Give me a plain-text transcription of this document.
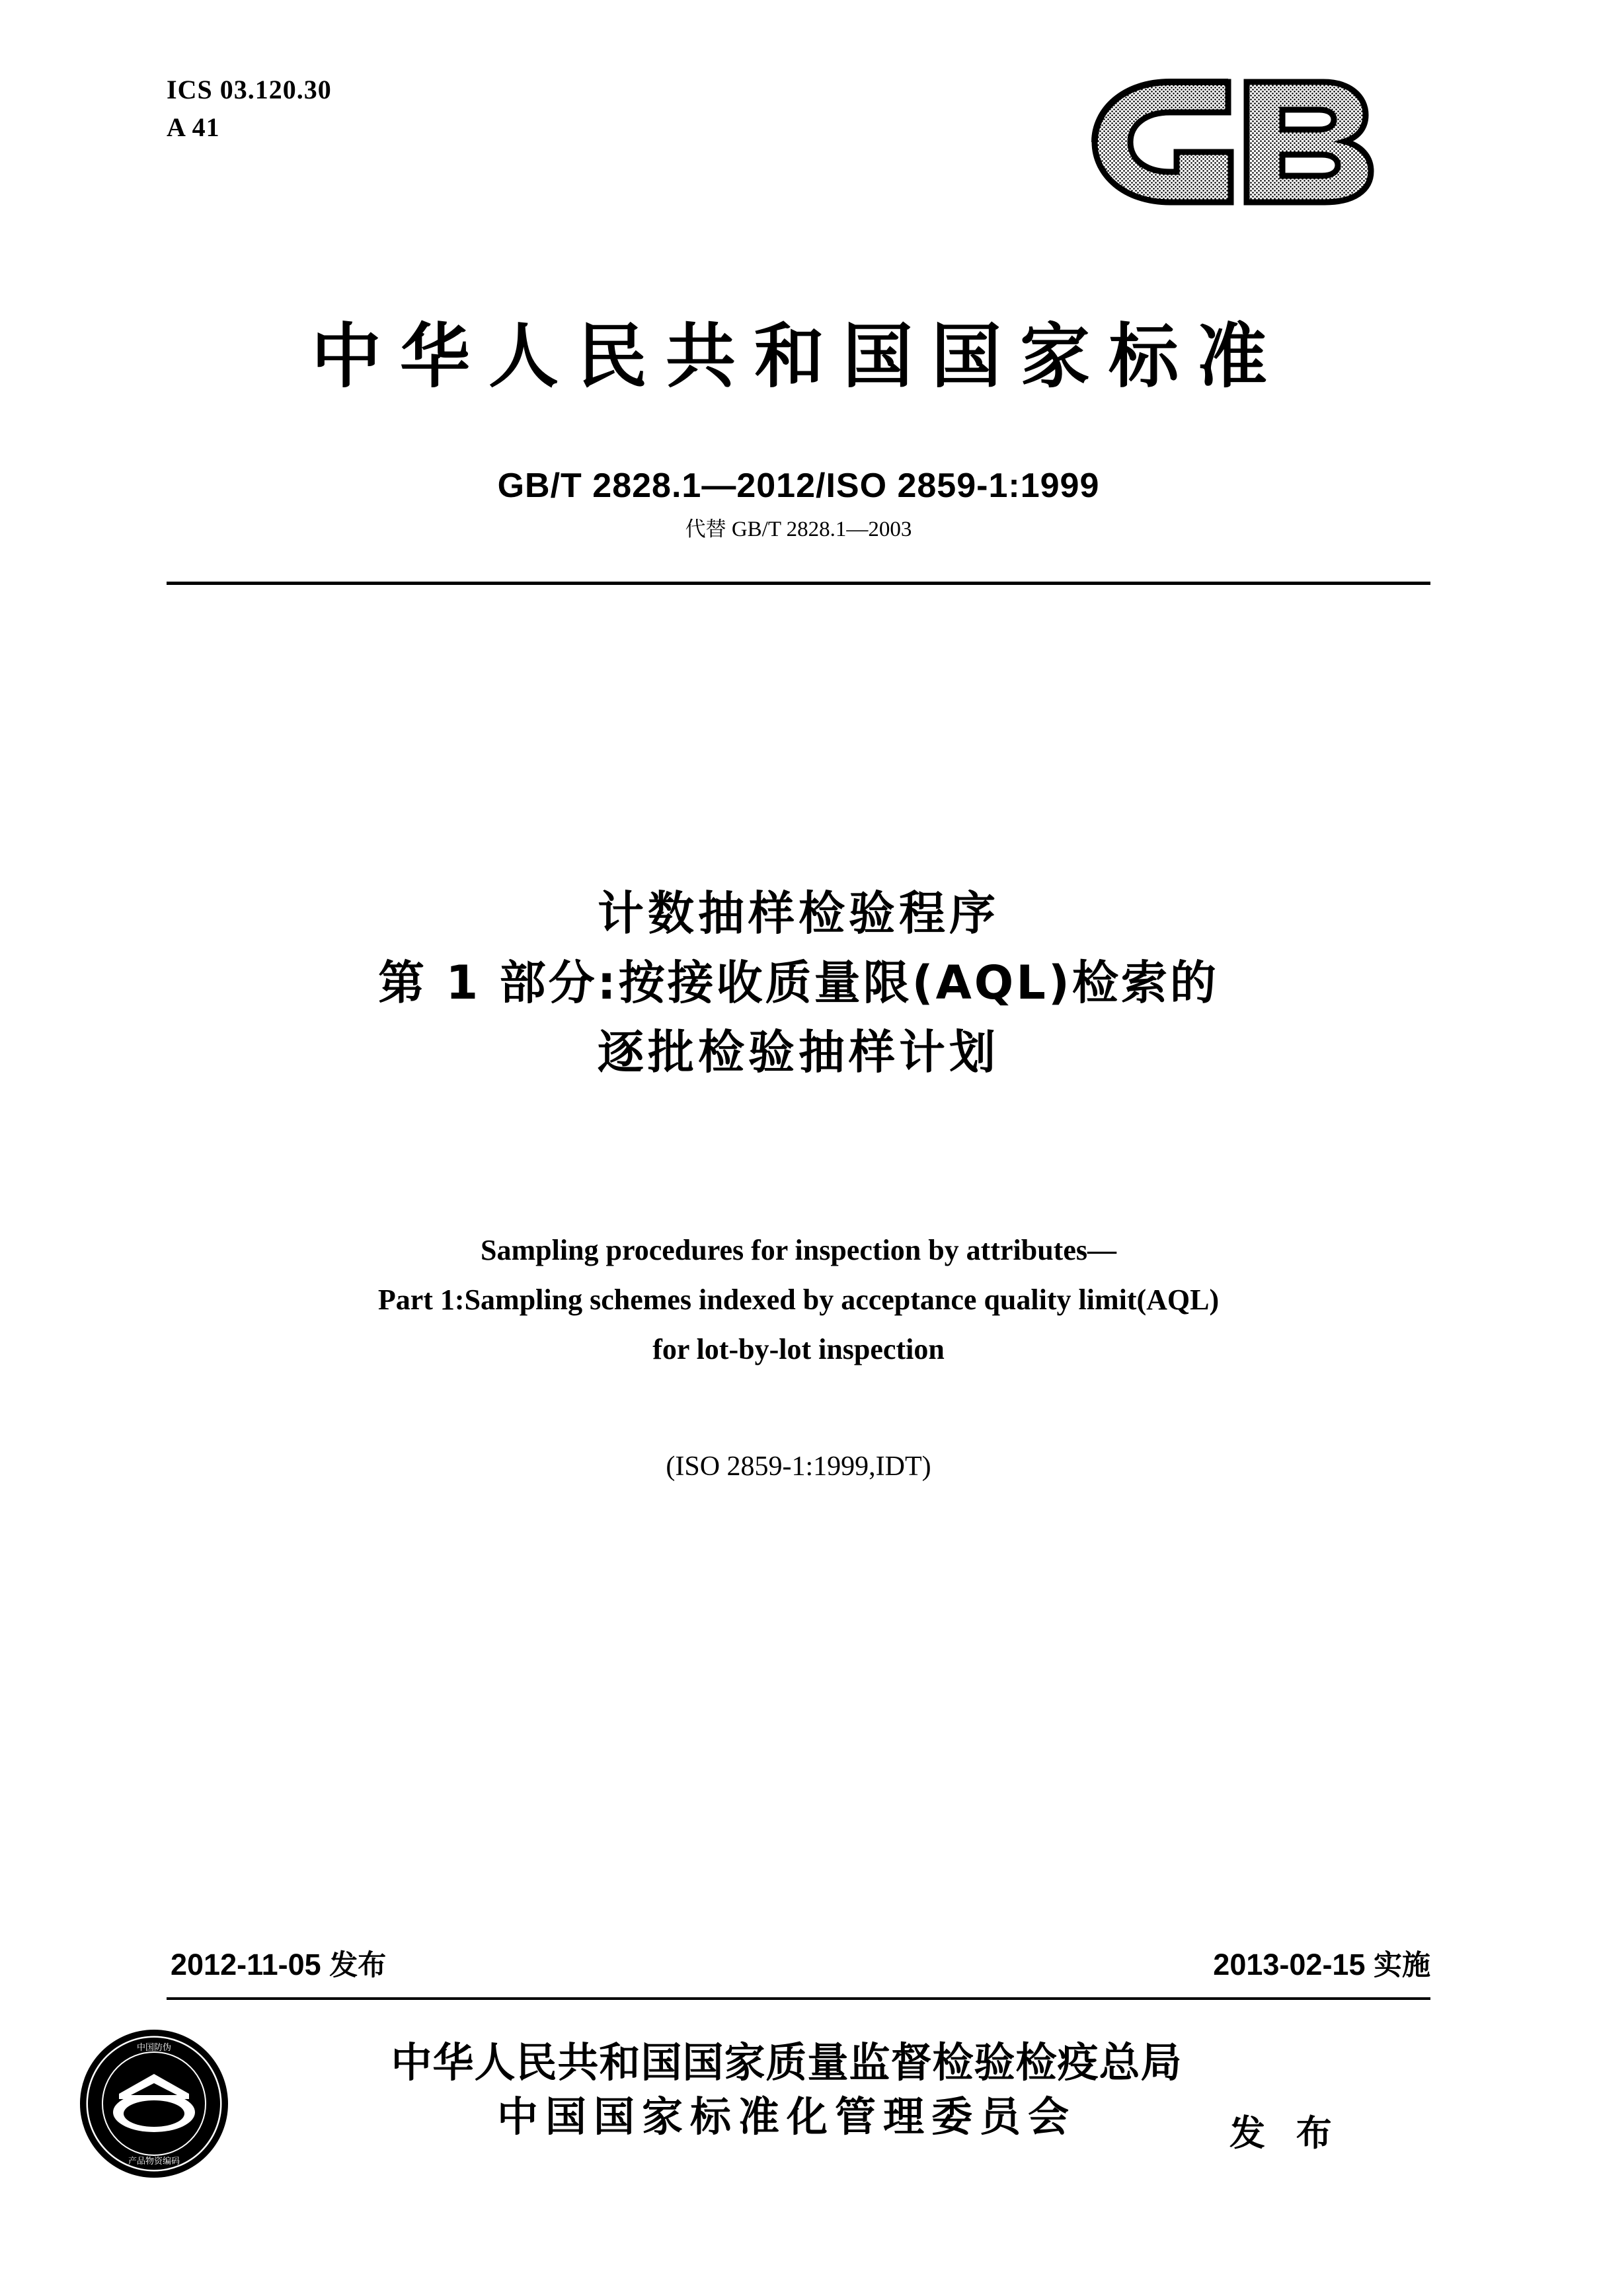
ICS 03.120.30
A 41
中华人民共和国国家标准
GB/T 2828.1—2012/ISO 2859-1:1999
代替 GB/T 2828.1—2003
计数抽样检验程序
第 1 部分:按接收质量限(AQL)检索的
逐批检验抽样计划
Sampling procedures for inspection by attributes—
Part 1:Sampling schemes indexed by acceptance quality limit(AQL)
for lot-by-lot inspection
(ISO 2859-1:1999,IDT)
2012-11-05 发布	2013-02-15 实施
中国防伪
产品物资编码
中华人民共和国国家质量监督检验检疫总局
中国国家标准化管理委员会	发 布
